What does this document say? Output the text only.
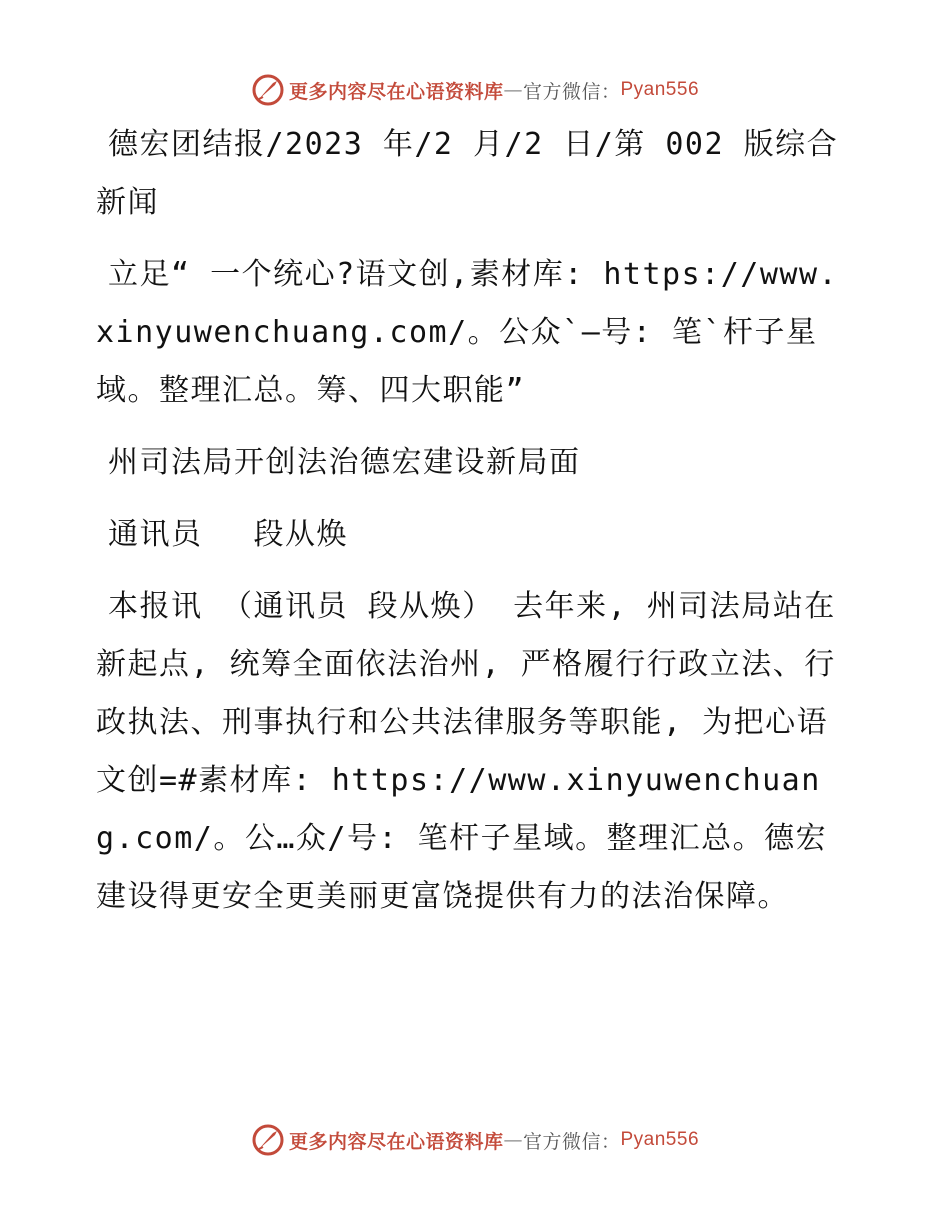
更多内容尽在心语资料库 — 官方微信： Pyan556

德宏团结报/2023 年/2 月/2 日/第 002 版综合新闻

立足“ 一个统心?语文创,素材库: https://www.xinyuwenchuang.com/。公众`—号: 笔`杆子星域。整理汇总。筹、四大职能”

州司法局开创法治德宏建设新局面

通讯员　 段从焕

本报讯 （通讯员 段从焕） 去年来, 州司法局站在新起点, 统筹全面依法治州, 严格履行行政立法、行政执法、刑事执行和公共法律服务等职能, 为把心语文创=#素材库: https://www.xinyuwenchuang.com/。公…众/号: 笔杆子星域。整理汇总。德宏建设得更安全更美丽更富饶提供有力的法治保障。

更多内容尽在心语资料库 — 官方微信： Pyan556
